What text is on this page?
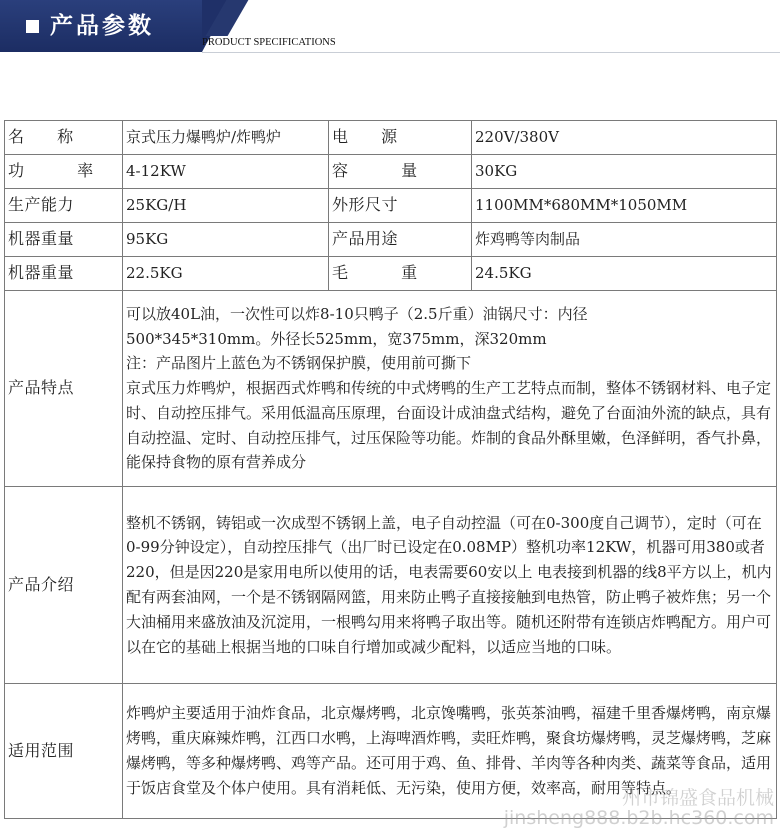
产品参数
PRODUCT SPECIFICATIONS
名 称	京式压力爆鸭炉/炸鸭炉	电 源	220V/380V
功 率	4-12KW	容 量	30KG
生产能力	25KG/H	外形尺寸	1100MM*680MM*1050MM
机器重量	95KG	产品用途	炸鸡鸭等肉制品
机器重量	22.5KG	毛 重	24.5KG
产品特点	可以放40L油，一次性可以炸8-10只鸭子（2.5斤重）油锅尺寸：内径
500*345*310mm。外径长525mm，宽375mm，深320mm
注：产品图片上蓝色为不锈钢保护膜，使用前可撕下
京式压力炸鸭炉，根据西式炸鸭和传统的中式烤鸭的生产工艺特点而制，整体不锈钢材料、电子定时、自动控压排气。采用低温高压原理，台面设计成油盘式结构，避免了台面油外流的缺点，具有自动控温、定时、自动控压排气，过压保险等功能。炸制的食品外酥里嫩，色泽鲜明，香气扑鼻，能保持食物的原有营养成分		

产品介绍	整机不锈钢，铸铝或一次成型不锈钢上盖，电子自动控温（可在0-300度自己调节），定时（可在0-99分钟设定），自动控压排气（出厂时已设定在0.08MP）整机功率12KW，机器可用380或者220，但是因220是家用电所以使用的话，电表需要60安以上 电表接到机器的线8平方以上，机内配有两套油网，一个是不锈钢隔网篮，用来防止鸭子直接接触到电热管，防止鸭子被炸焦；另一个大油桶用来盛放油及沉淀用，一根鸭勾用来将鸭子取出等。随机还附带有连锁店炸鸭配方。用户可以在它的基础上根据当地的口味自行增加或减少配料，以适应当地的口味。		
适用范围	炸鸭炉主要适用于油炸食品，北京爆烤鸭，北京馋嘴鸭，张英茶油鸭，福建千里香爆烤鸭，南京爆烤鸭，重庆麻辣炸鸭，江西口水鸭，上海啤酒炸鸭，卖旺炸鸭，聚食坊爆烤鸭，灵芝爆烤鸭，芝麻爆烤鸭，等多种爆烤鸭、鸡等产品。还可用于鸡、鱼、排骨、羊肉等各种肉类、蔬菜等食品，适用于饭店食堂及个体户使用。具有消耗低、无污染，使用方便，效率高，耐用等特点。		
州市锦盛食品机械
jinsheng888.b2b.hc360.com
